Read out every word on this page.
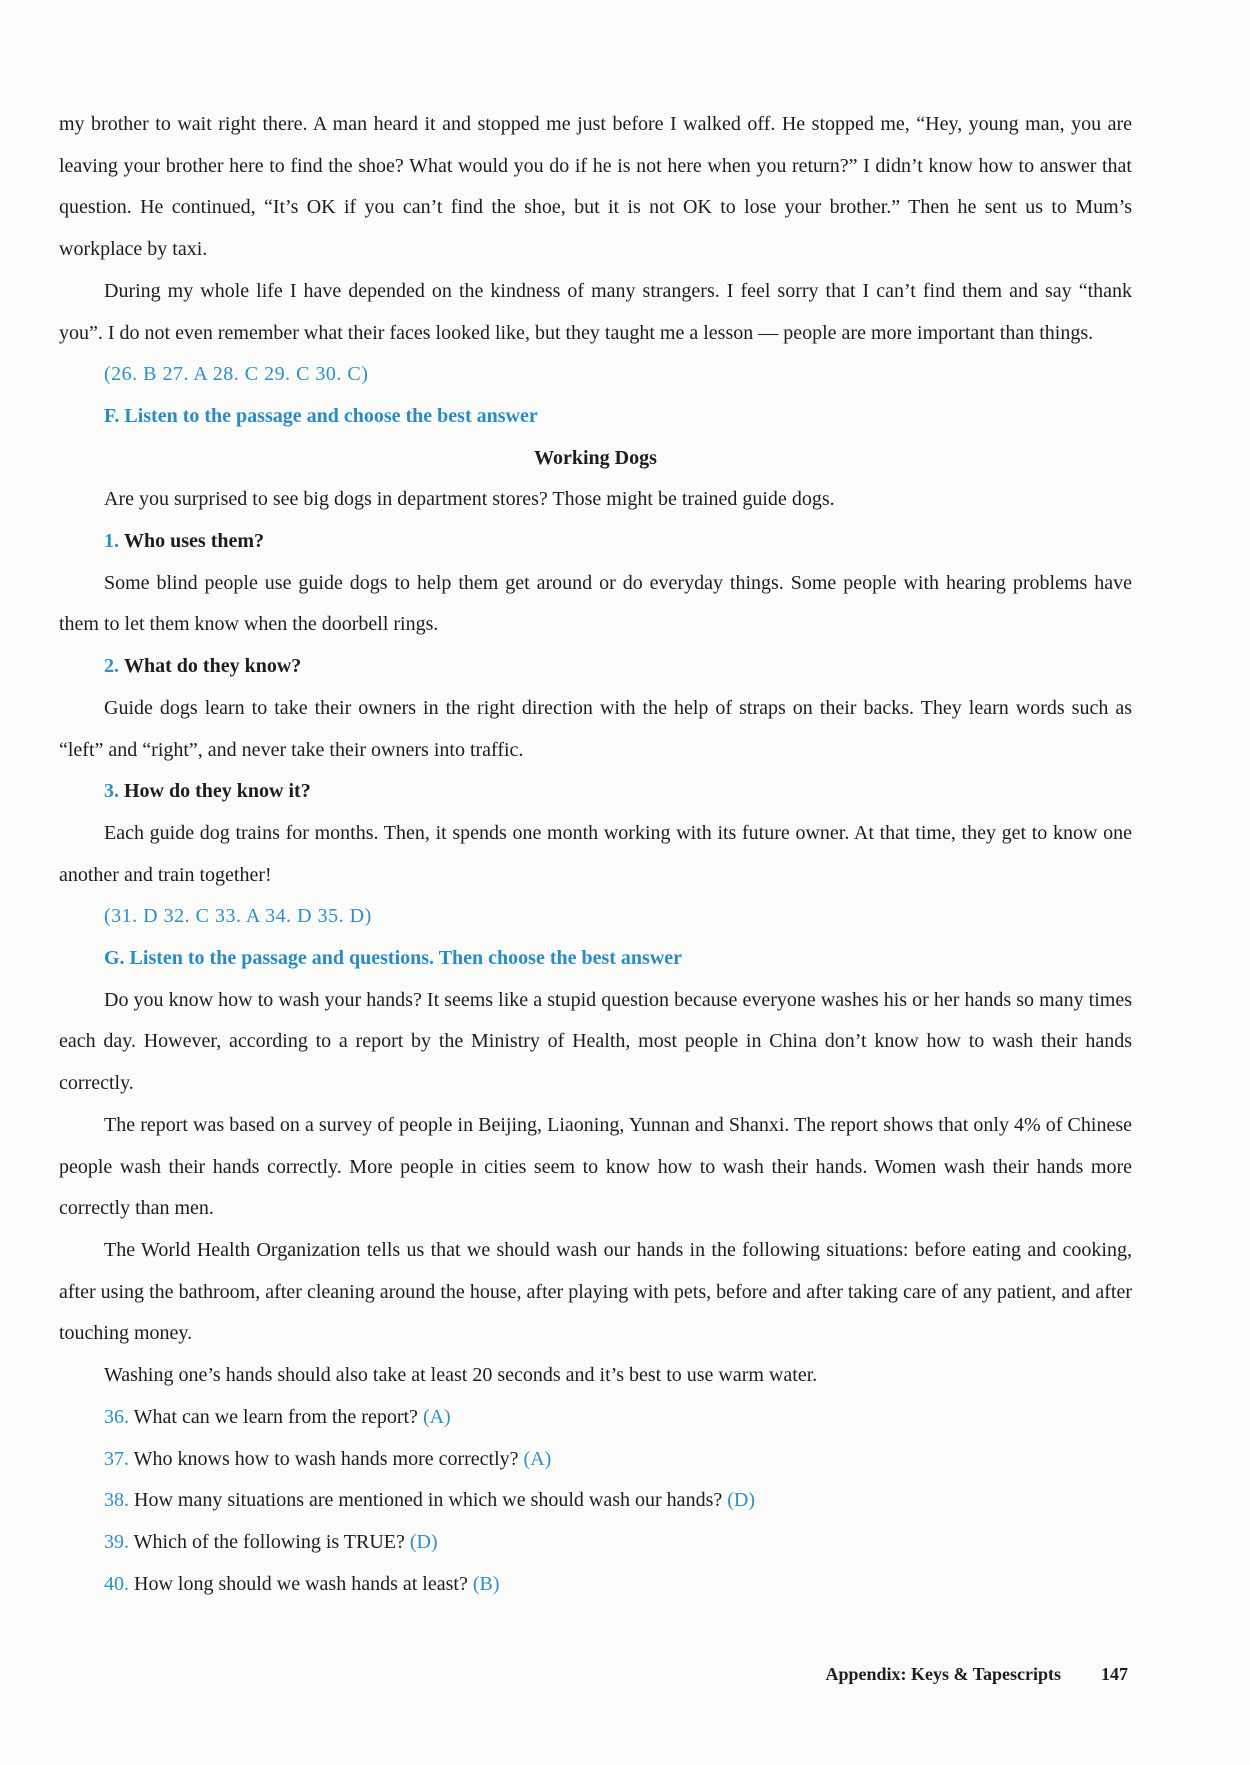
my brother to wait right there. A man heard it and stopped me just before I walked off. He stopped me, “Hey, young man, you are leaving your brother here to find the shoe? What would you do if he is not here when you return?” I didn’t know how to answer that question. He continued, “It’s OK if you can’t find the shoe, but it is not OK to lose your brother.” Then he sent us to Mum’s workplace by taxi.

During my whole life I have depended on the kindness of many strangers. I feel sorry that I can’t find them and say “thank you”. I do not even remember what their faces looked like, but they taught me a lesson — people are more important than things.

(26. B 27. A 28. C 29. C 30. C)

F. Listen to the passage and choose the best answer

Working Dogs

Are you surprised to see big dogs in department stores? Those might be trained guide dogs.

1. Who uses them?

Some blind people use guide dogs to help them get around or do everyday things. Some people with hearing problems have them to let them know when the doorbell rings.

2. What do they know?

Guide dogs learn to take their owners in the right direction with the help of straps on their backs. They learn words such as “left” and “right”, and never take their owners into traffic.

3. How do they know it?

Each guide dog trains for months. Then, it spends one month working with its future owner. At that time, they get to know one another and train together!

(31. D 32. C 33. A 34. D 35. D)

G. Listen to the passage and questions. Then choose the best answer

Do you know how to wash your hands? It seems like a stupid question because everyone washes his or her hands so many times each day. However, according to a report by the Ministry of Health, most people in China don’t know how to wash their hands correctly.

The report was based on a survey of people in Beijing, Liaoning, Yunnan and Shanxi. The report shows that only 4% of Chinese people wash their hands correctly. More people in cities seem to know how to wash their hands. Women wash their hands more correctly than men.

The World Health Organization tells us that we should wash our hands in the following situations: before eating and cooking, after using the bathroom, after cleaning around the house, after playing with pets, before and after taking care of any patient, and after touching money.

Washing one’s hands should also take at least 20 seconds and it’s best to use warm water.

36. What can we learn from the report? (A)

37. Who knows how to wash hands more correctly? (A)

38. How many situations are mentioned in which we should wash our hands? (D)

39. Which of the following is TRUE? (D)

40. How long should we wash hands at least? (B)

Appendix: Keys & Tapescripts 147
